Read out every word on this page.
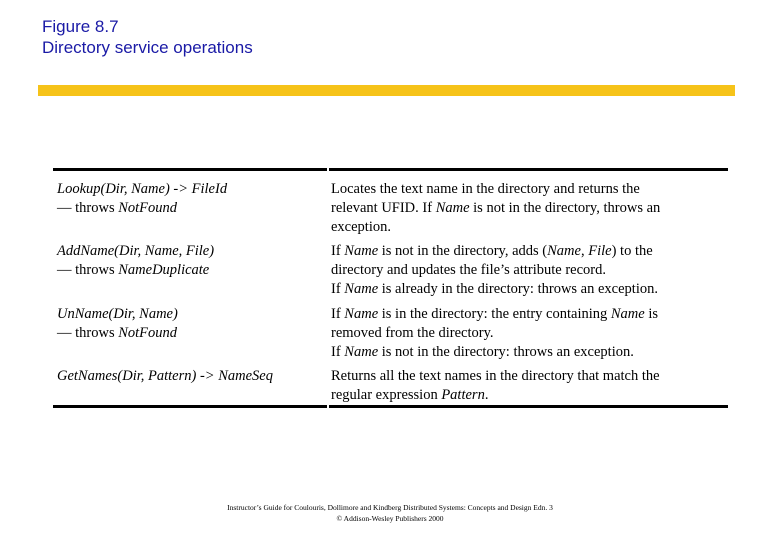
Figure 8.7
Directory service operations
Lookup(Dir, Name) -> FileId
— throws NotFound
Locates the text name in the directory and returns the
relevant UFID. If Name is not in the directory, throws an
exception.
AddName(Dir, Name, File)
— throws NameDuplicate
If Name is not in the directory, adds (Name, File) to the
directory and updates the file’s attribute record.
If Name is already in the directory: throws an exception.
UnName(Dir, Name)
— throws NotFound
If Name is in the directory: the entry containing Name is
removed from the directory.
If Name is not in the directory: throws an exception.
GetNames(Dir, Pattern) -> NameSeq	Returns all the text names in the directory that match the
regular expression Pattern.
Instructor’s Guide for Coulouris, Dollimore and Kindberg Distributed Systems: Concepts and Design Edn. 3
© Addison-Wesley Publishers 2000
